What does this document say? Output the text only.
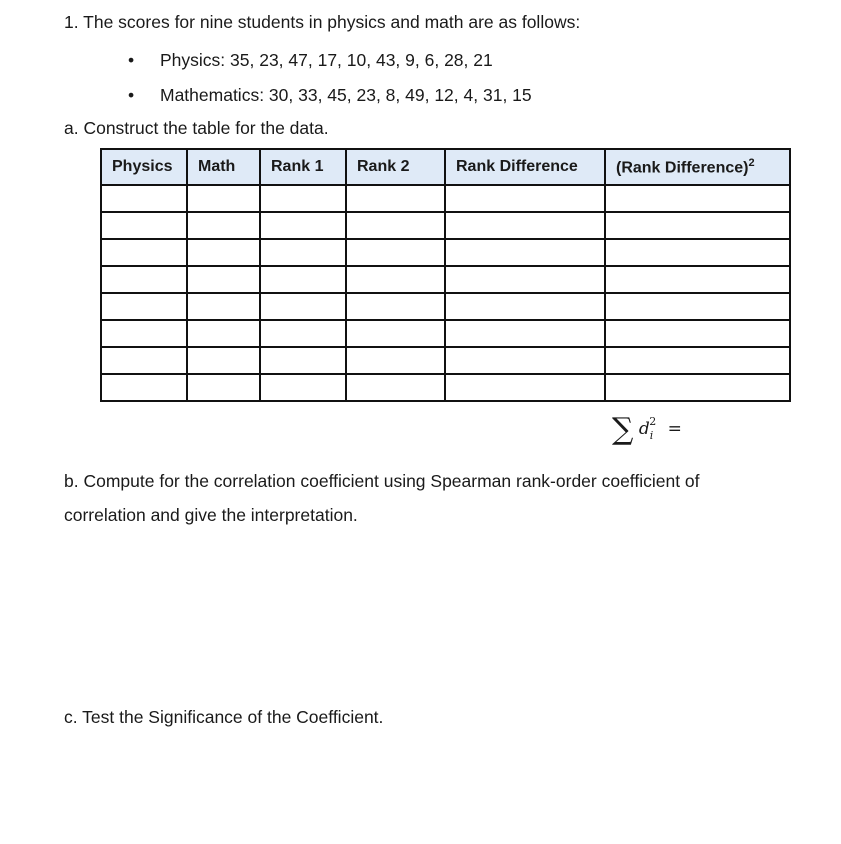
1. The scores for nine students in physics and math are as follows:
• Physics: 35, 23, 47, 17, 10, 43, 9, 6, 28, 21
• Mathematics: 30, 33, 45, 23, 8, 49, 12, 4, 31, 15
a. Construct the table for the data.
Physics	Math	Rank 1	Rank 2	Rank Difference	(Rank Difference)$^2$

∑ $d_i^2$ =
b. Compute for the correlation coefficient using Spearman rank-order coefficient of
correlation and give the interpretation.
c. Test the Significance of the Coefficient.
